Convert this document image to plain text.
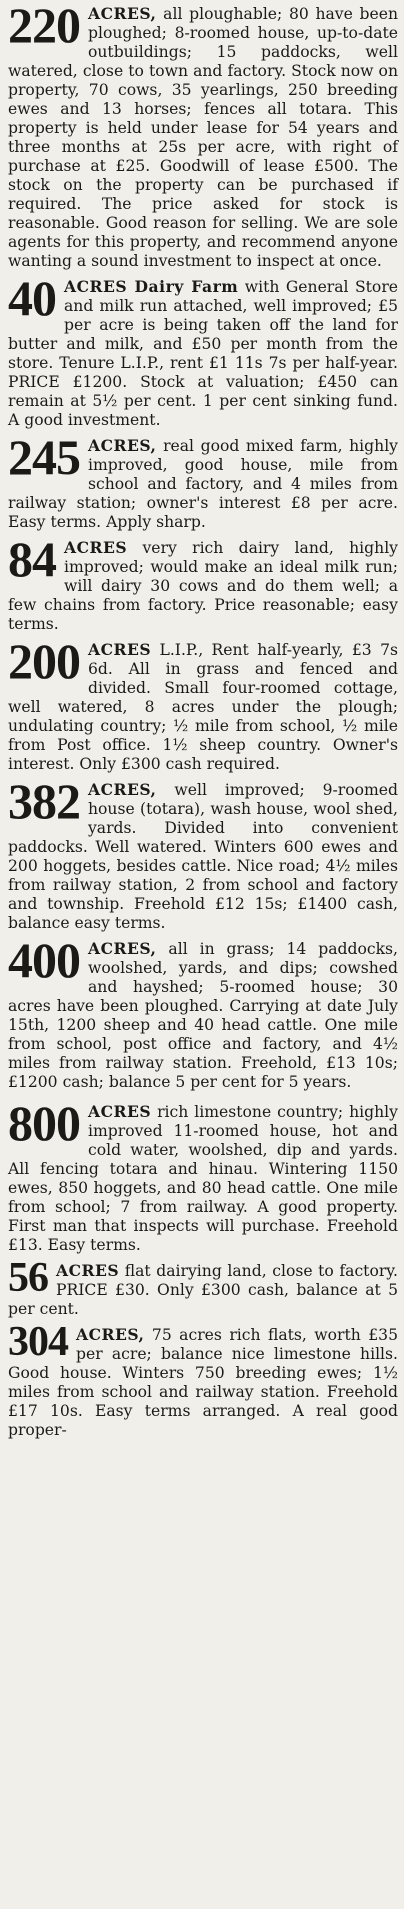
220 ACRES, all ploughable; 80 have been ploughed; 8-roomed house, up-to-date outbuildings; 15 paddocks, well watered, close to town and factory. Stock now on property, 70 cows, 35 yearlings, 250 breeding ewes and 13 horses; fences all totara. This property is held under lease for 54 years and three months at 25s per acre, with right of purchase at £25. Goodwill of lease £500. The stock on the property can be purchased if required. The price asked for stock is reasonable. Good reason for selling. We are sole agents for this property, and recommend anyone wanting a sound investment to inspect at once.

40 ACRES Dairy Farm with General Store and milk run attached, well improved; £5 per acre is being taken off the land for butter and milk, and £50 per month from the store. Tenure L.I.P., rent £1 11s 7s per half-year. PRICE £1200. Stock at valuation; £450 can remain at 5½ per cent. 1 per cent sinking fund. A good investment.

245 ACRES, real good mixed farm, highly improved, good house, mile from school and factory, and 4 miles from railway station; owner's interest £8 per acre. Easy terms. Apply sharp.

84 ACRES very rich dairy land, highly improved; would make an ideal milk run; will dairy 30 cows and do them well; a few chains from factory. Price reasonable; easy terms.

200 ACRES L.I.P., Rent half-yearly, £3 7s 6d. All in grass and fenced and divided. Small four-roomed cottage, well watered, 8 acres under the plough; undulating country; ½ mile from school, ½ mile from Post office. 1½ sheep country. Owner's interest. Only £300 cash required.

382 ACRES, well improved; 9-roomed house (totara), wash house, wool shed, yards. Divided into convenient paddocks. Well watered. Winters 600 ewes and 200 hoggets, besides cattle. Nice road; 4½ miles from railway station, 2 from school and factory and township. Freehold £12 15s; £1400 cash, balance easy terms.

400 ACRES, all in grass; 14 paddocks, woolshed, yards, and dips; cowshed and hayshed; 5-roomed house; 30 acres have been ploughed. Carrying at date July 15th, 1200 sheep and 40 head cattle. One mile from school, post office and factory, and 4½ miles from railway station. Freehold, £13 10s; £1200 cash; balance 5 per cent for 5 years.

800 ACRES rich limestone country; highly improved 11-roomed house, hot and cold water, woolshed, dip and yards. All fencing totara and hinau. Wintering 1150 ewes, 850 hoggets, and 80 head cattle. One mile from school; 7 from railway. A good property. First man that inspects will purchase. Freehold £13. Easy terms.

56 ACRES flat dairying land, close to factory. PRICE £30. Only £300 cash, balance at 5 per cent.

304 ACRES, 75 acres rich flats, worth £35 per acre; balance nice limestone hills. Good house. Winters 750 breeding ewes; 1½ miles from school and railway station. Freehold £17 10s. Easy terms arranged. A real good proper-
